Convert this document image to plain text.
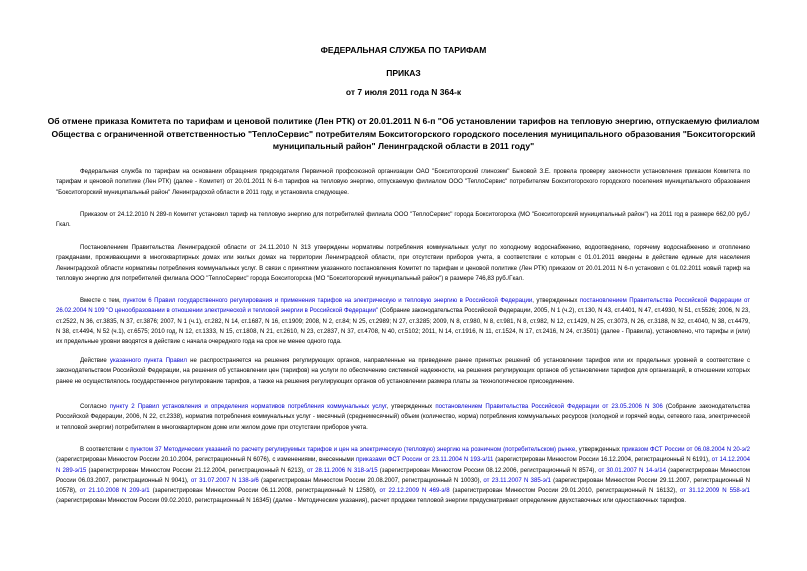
ФЕДЕРАЛЬНАЯ СЛУЖБА ПО ТАРИФАМ

ПРИКАЗ

от 7 июля 2011 года N 364-к

Об отмене приказа Комитета по тарифам и ценовой политике (Лен РТК) от 20.01.2011 N 6-п "Об установлении тарифов на тепловую энергию, отпускаемую филиалом Общества с ограниченной ответственностью "ТеплоСервис" потребителям Бокситогорского городского поселения муниципального образования "Бокситогорский муниципальный район" Ленинградской области в 2011 году"

Федеральная служба по тарифам на основании обращения председателя Первичной профсоюзной организации ОАО "Бокситогорский глинозем" Быковой З.Е. провела проверку законности установления приказом Комитета по тарифам и ценовой политике (Лен РТК) (далее - Комитет) от 20.01.2011 N 6-п тарифов на тепловую энергию, отпускаемую филиалом ООО "ТеплоСервис" потребителям Бокситогорского городского поселения муниципального образования "Бокситогорский муниципальный район" Ленинградской области в 2011 году, и установила следующее.

Приказом от 24.12.2010 N 289-п Комитет установил тариф на тепловую энергию для потребителей филиала ООО "ТеплоСервис" города Бокситогорска (МО "Бокситогорский муниципальный район") на 2011 год в размере 662,00 руб./Гкал.

Постановлением Правительства Ленинградской области от 24.11.2010 N 313 утверждены нормативы потребления коммунальных услуг по холодному водоснабжению, водоотведению, горячему водоснабжению и отоплению гражданами, проживающими в многоквартирных домах или жилых домах на территории Ленинградской области, при отсутствии приборов учета, в соответствии с которым с 01.01.2011 введены в действие единые для населения Ленинградской области нормативы потребления коммунальных услуг. В связи с принятием указанного постановления Комитет по тарифам и ценовой политике (Лен РТК) приказом от 20.01.2011 N 6-п установил с 01.02.2011 новый тариф на тепловую энергию для потребителей филиала ООО "ТеплоСервис" города Бокситогорска (МО "Бокситогорский муниципальный район") в размере 746,83 руб./Гкал.

Вместе с тем, пунктом 6 Правил государственного регулирования и применения тарифов на электрическую и тепловую энергию в Российской Федерации, утвержденных постановлением Правительства Российской Федерации от 26.02.2004 N 109 "О ценообразовании в отношении электрической и тепловой энергии в Российской Федерации" (Собрание законодательства Российской Федерации, 2005, N 1 (ч.2), ст.130, N 43, ст.4401, N 47, ст.4930, N 51, ст.5526; 2006, N 23, ст.2522, N 36, ст.3835, N 37, ст.3876; 2007, N 1 (ч.1), ст.282, N 14, ст.1687, N 16, ст.1909; 2008, N 2, ст.84; N 25, ст.2989; N 27, ст.3285; 2009, N 8, ст.980, N 8, ст.981, N 8, ст.982, N 12, ст.1429, N 25, ст.3073, N 26, ст.3188, N 32, ст.4040, N 38, ст.4479, N 38, ст.4494, N 52 (ч.1), ст.6575; 2010 год, N 12, ст.1333, N 15, ст.1808, N 21, ст.2610, N 23, ст.2837, N 37, ст.4708, N 40, ст.5102; 2011, N 14, ст.1916, N 11, ст.1524, N 17, ст.2416, N 24, ст.3501) (далее - Правила), установлено, что тарифы и (или) их предельные уровни вводятся в действие с начала очередного года на срок не менее одного года.

Действие указанного пункта Правил не распространяется на решения регулирующих органов, направленные на приведение ранее принятых решений об установлении тарифов или их предельных уровней в соответствие с законодательством Российской Федерации, на решения об установлении цен (тарифов) на услуги по обеспечению системной надежности, на решения регулирующих органов об установлении тарифов для организаций, в отношении которых ранее не осуществлялось государственное регулирование тарифов, а также на решения регулирующих органов об установлении размера платы за технологическое присоединение.

Согласно пункту 2 Правил установления и определения нормативов потребления коммунальных услуг, утвержденных постановлением Правительства Российской Федерации от 23.05.2006 N 306 (Собрание законодательства Российской Федерации, 2006, N 22, ст.2338), норматив потребления коммунальных услуг - месячный (среднемесячный) объем (количество, норма) потребления коммунальных ресурсов (холодной и горячей воды, сетевого газа, электрической и тепловой энергии) потребителем в многоквартирном доме или жилом доме при отсутствии приборов учета.

В соответствии с пунктом 37 Методических указаний по расчету регулируемых тарифов и цен на электрическую (тепловую) энергию на розничном (потребительском) рынке, утвержденных приказом ФСТ России от 06.08.2004 N 20-э/2 (зарегистрирован Минюстом России 20.10.2004, регистрационный N 6076), с изменениями, внесенными приказами ФСТ России от 23.11.2004 N 193-э/11 (зарегистрирован Минюстом России 16.12.2004, регистрационный N 6191), от 14.12.2004 N 289-э/15 (зарегистрирован Минюстом России 21.12.2004, регистрационный N 6213), от 28.11.2006 N 318-э/15 (зарегистрирован Минюстом России 08.12.2006, регистрационный N 8574), от 30.01.2007 N 14-э/14 (зарегистрирован Минюстом России 06.03.2007, регистрационный N 9041), от 31.07.2007 N 138-э/6 (зарегистрирован Минюстом России 20.08.2007, регистрационный N 10030), от 23.11.2007 N 385-э/1 (зарегистрирован Минюстом России 29.11.2007, регистрационный N 10578), от 21.10.2008 N 209-э/1 (зарегистрирован Минюстом России 06.11.2008, регистрационный N 12580), от 22.12.2009 N 469-э/8 (зарегистрирован Минюстом России 29.01.2010, регистрационный N 16132), от 31.12.2009 N 558-э/1 (зарегистрирован Минюстом России 09.02.2010, регистрационный N 16345) (далее - Методические указания), расчет продажи тепловой энергии предусматривает определение двухставочных или одноставочных тарифов.
